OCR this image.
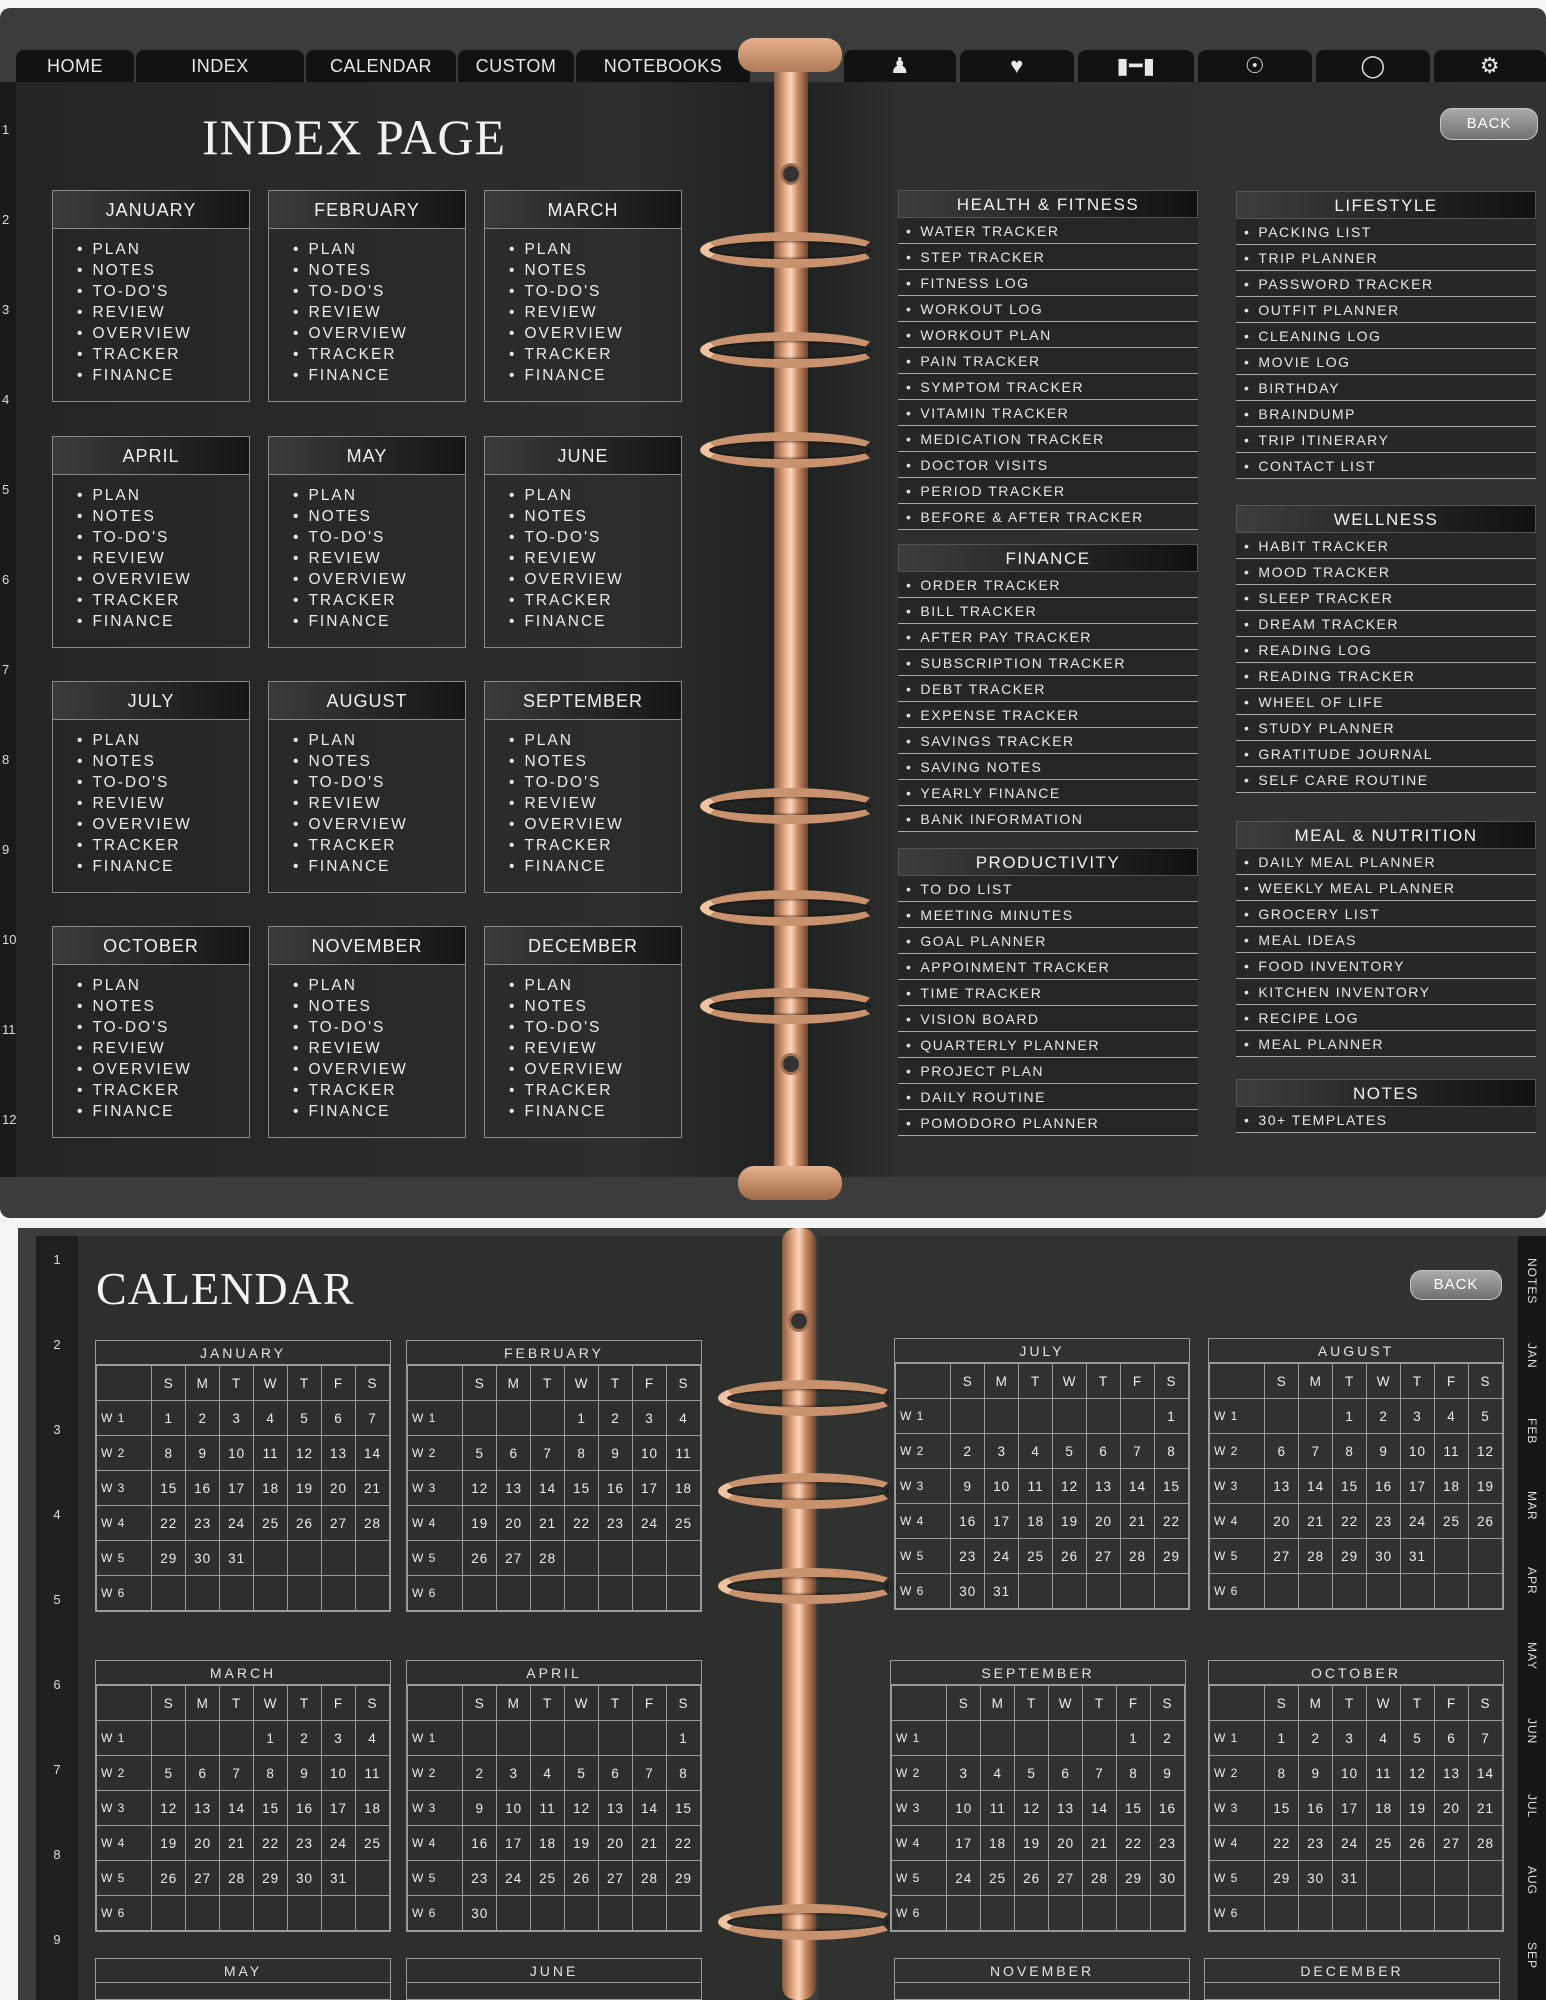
HOME	INDEX	CALENDAR	CUSTOM	NOTEBOOKS	♟	♥	▮━▮	☉	◯	⚙
1
2
3
4
5
6
7
8
9
10
11
12
INDEX PAGE	BACK
JANUARY
• PLAN
• NOTES
• TO-DO'S
• REVIEW
• OVERVIEW
• TRACKER
• FINANCE
FEBRUARY
• PLAN
• NOTES
• TO-DO'S
• REVIEW
• OVERVIEW
• TRACKER
• FINANCE
MARCH
• PLAN
• NOTES
• TO-DO'S
• REVIEW
• OVERVIEW
• TRACKER
• FINANCE
APRIL
• PLAN
• NOTES
• TO-DO'S
• REVIEW
• OVERVIEW
• TRACKER
• FINANCE
MAY
• PLAN
• NOTES
• TO-DO'S
• REVIEW
• OVERVIEW
• TRACKER
• FINANCE
JUNE
• PLAN
• NOTES
• TO-DO'S
• REVIEW
• OVERVIEW
• TRACKER
• FINANCE
JULY
• PLAN
• NOTES
• TO-DO'S
• REVIEW
• OVERVIEW
• TRACKER
• FINANCE
AUGUST
• PLAN
• NOTES
• TO-DO'S
• REVIEW
• OVERVIEW
• TRACKER
• FINANCE
SEPTEMBER
• PLAN
• NOTES
• TO-DO'S
• REVIEW
• OVERVIEW
• TRACKER
• FINANCE
OCTOBER
• PLAN
• NOTES
• TO-DO'S
• REVIEW
• OVERVIEW
• TRACKER
• FINANCE
NOVEMBER
• PLAN
• NOTES
• TO-DO'S
• REVIEW
• OVERVIEW
• TRACKER
• FINANCE
DECEMBER
• PLAN
• NOTES
• TO-DO'S
• REVIEW
• OVERVIEW
• TRACKER
• FINANCE
HEALTH & FITNESS
• WATER TRACKER
• STEP TRACKER
• FITNESS LOG
• WORKOUT LOG
• WORKOUT PLAN
• PAIN TRACKER
• SYMPTOM TRACKER
• VITAMIN TRACKER
• MEDICATION TRACKER
• DOCTOR VISITS
• PERIOD TRACKER
• BEFORE & AFTER TRACKER
FINANCE
• ORDER TRACKER
• BILL TRACKER
• AFTER PAY TRACKER
• SUBSCRIPTION TRACKER
• DEBT TRACKER
• EXPENSE TRACKER
• SAVINGS TRACKER
• SAVING NOTES
• YEARLY FINANCE
• BANK INFORMATION
PRODUCTIVITY
• TO DO LIST
• MEETING MINUTES
• GOAL PLANNER
• APPOINMENT TRACKER
• TIME TRACKER
• VISION BOARD
• QUARTERLY PLANNER
• PROJECT PLAN
• DAILY ROUTINE
• POMODORO PLANNER
LIFESTYLE
• PACKING LIST
• TRIP PLANNER
• PASSWORD TRACKER
• OUTFIT PLANNER
• CLEANING LOG
• MOVIE LOG
• BIRTHDAY
• BRAINDUMP
• TRIP ITINERARY
• CONTACT LIST
WELLNESS
• HABIT TRACKER
• MOOD TRACKER
• SLEEP TRACKER
• DREAM TRACKER
• READING LOG
• READING TRACKER
• WHEEL OF LIFE
• STUDY PLANNER
• GRATITUDE JOURNAL
• SELF CARE ROUTINE
MEAL & NUTRITION
• DAILY MEAL PLANNER
• WEEKLY MEAL PLANNER
• GROCERY LIST
• MEAL IDEAS
• FOOD INVENTORY
• KITCHEN INVENTORY
• RECIPE LOG
• MEAL PLANNER
NOTES
• 30+ TEMPLATES
1
2
3
4
5
6
7
8
9
NOTES
JAN
FEB
MAR
APR
MAY
JUN
JUL
AUG
SEP
BACK
CALENDAR
JANUARY
	S	M	T	W	T	F	S
W 1	1	2	3	4	5	6	7
W 2	8	9	10	11	12	13	14
W 3	15	16	17	18	19	20	21
W 4	22	23	24	25	26	27	28
W 5	29	30	31				
W 6							
FEBRUARY
	S	M	T	W	T	F	S
W 1				1	2	3	4
W 2	5	6	7	8	9	10	11
W 3	12	13	14	15	16	17	18
W 4	19	20	21	22	23	24	25
W 5	26	27	28				
W 6							
JULY
	S	M	T	W	T	F	S
W 1							1
W 2	2	3	4	5	6	7	8
W 3	9	10	11	12	13	14	15
W 4	16	17	18	19	20	21	22
W 5	23	24	25	26	27	28	29
W 6	30	31					
AUGUST
	S	M	T	W	T	F	S
W 1			1	2	3	4	5
W 2	6	7	8	9	10	11	12
W 3	13	14	15	16	17	18	19
W 4	20	21	22	23	24	25	26
W 5	27	28	29	30	31		
W 6							
MARCH
	S	M	T	W	T	F	S
W 1				1	2	3	4
W 2	5	6	7	8	9	10	11
W 3	12	13	14	15	16	17	18
W 4	19	20	21	22	23	24	25
W 5	26	27	28	29	30	31	
W 6							
APRIL
	S	M	T	W	T	F	S
W 1							1
W 2	2	3	4	5	6	7	8
W 3	9	10	11	12	13	14	15
W 4	16	17	18	19	20	21	22
W 5	23	24	25	26	27	28	29
W 6	30						
SEPTEMBER
	S	M	T	W	T	F	S
W 1						1	2
W 2	3	4	5	6	7	8	9
W 3	10	11	12	13	14	15	16
W 4	17	18	19	20	21	22	23
W 5	24	25	26	27	28	29	30
W 6							
OCTOBER
	S	M	T	W	T	F	S
W 1	1	2	3	4	5	6	7
W 2	8	9	10	11	12	13	14
W 3	15	16	17	18	19	20	21
W 4	22	23	24	25	26	27	28
W 5	29	30	31				
W 6							
MAY	JUNE	NOVEMBER	DECEMBER
